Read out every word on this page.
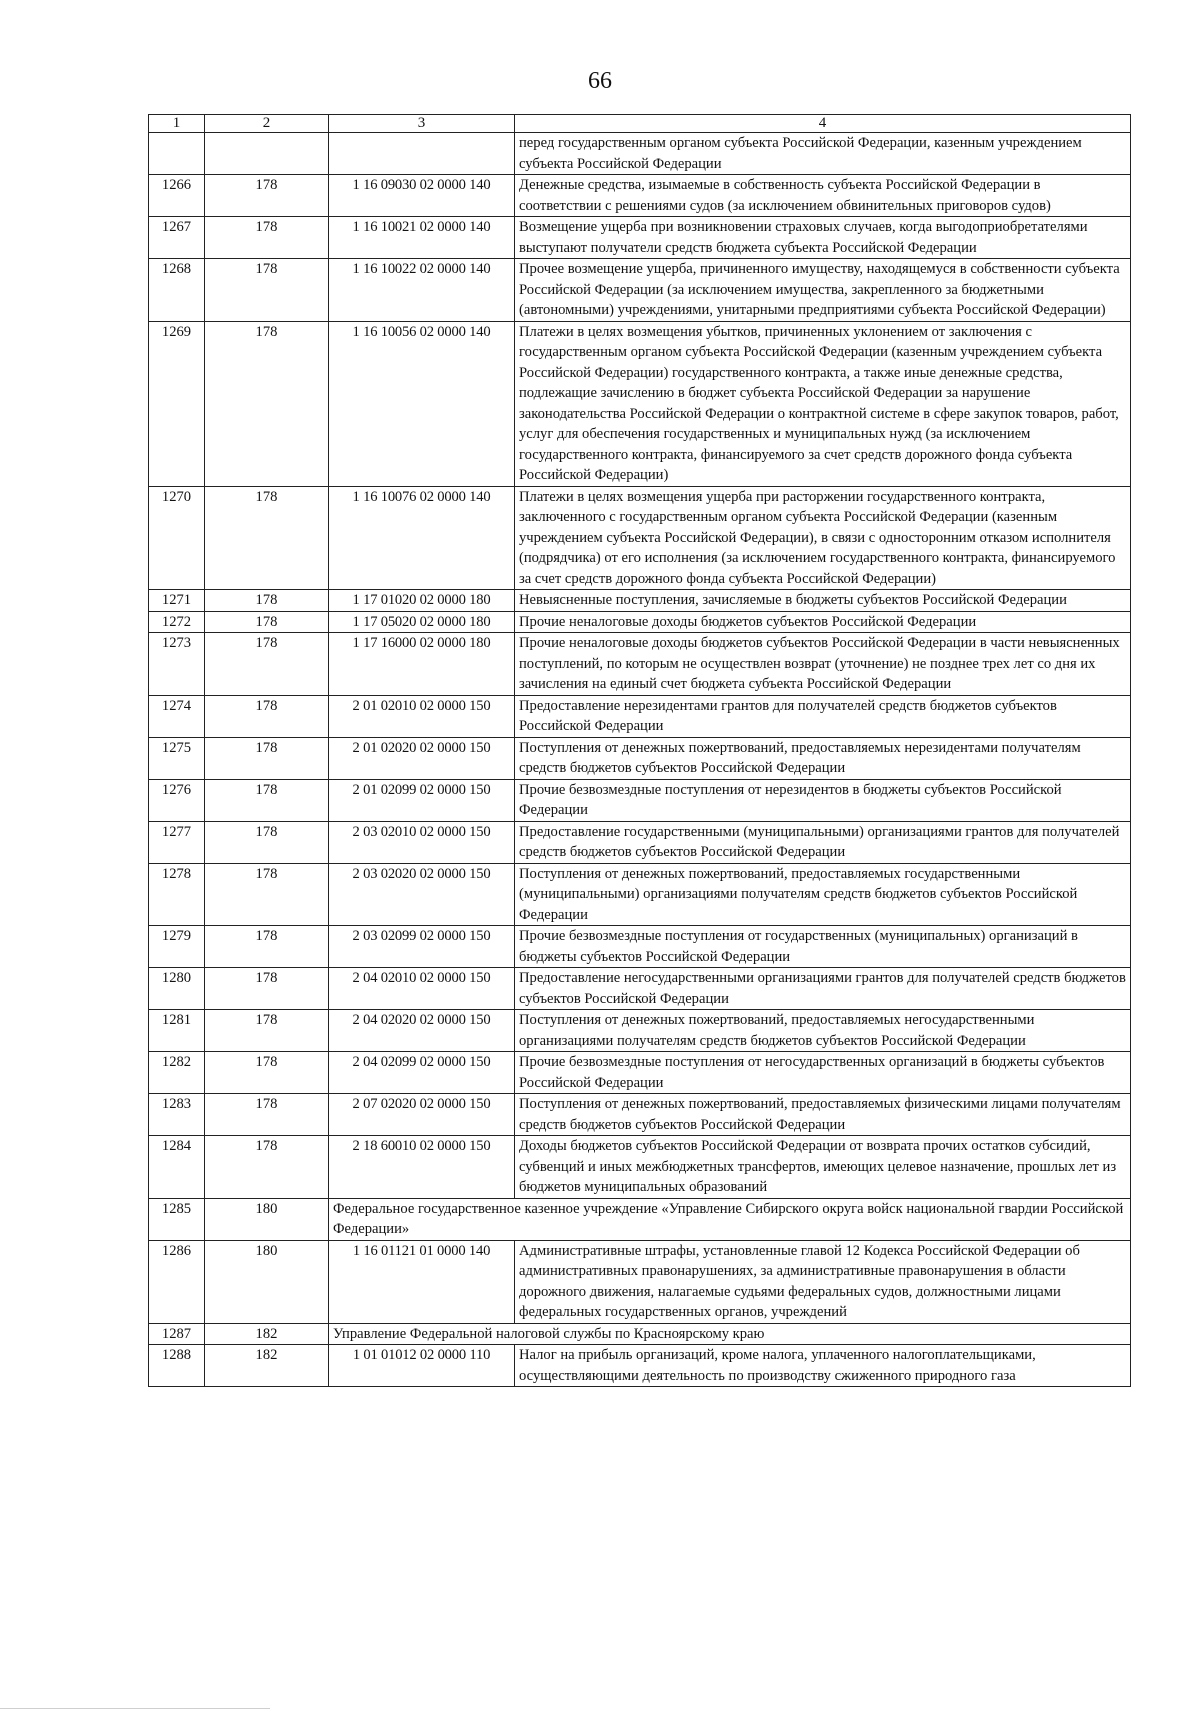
66
1	2	3	4
			перед государственным органом субъекта Российской Федерации, казенным учреждением субъекта Российской Федерации
1266	178	1 16 09030 02 0000 140	Денежные средства, изымаемые в собственность субъекта Российской Федерации в соответствии с решениями судов (за исключением обвинительных приговоров судов)
1267	178	1 16 10021 02 0000 140	Возмещение ущерба при возникновении страховых случаев, когда выгодоприобретателями выступают получатели средств бюджета субъекта Российской Федерации
1268	178	1 16 10022 02 0000 140	Прочее возмещение ущерба, причиненного имуществу, находящемуся в собственности субъекта Российской Федерации (за исключением имущества, закрепленного за бюджетными (автономными) учреждениями, унитарными предприятиями субъекта Российской Федерации)
1269	178	1 16 10056 02 0000 140	Платежи в целях возмещения убытков, причиненных уклонением от заключения с государственным органом субъекта Российской Федерации (казенным учреждением субъекта Российской Федерации) государственного контракта, а также иные денежные средства, подлежащие зачислению в бюджет субъекта Российской Федерации за нарушение законодательства Российской Федерации о контрактной системе в сфере закупок товаров, работ, услуг для обеспечения государственных и муниципальных нужд (за исключением государственного контракта, финансируемого за счет средств дорожного фонда субъекта Российской Федерации)
1270	178	1 16 10076 02 0000 140	Платежи в целях возмещения ущерба при расторжении государственного контракта, заключенного с государственным органом субъекта Российской Федерации (казенным учреждением субъекта Российской Федерации), в связи с односторонним отказом исполнителя (подрядчика) от его исполнения (за исключением государственного контракта, финансируемого за счет средств дорожного фонда субъекта Российской Федерации)
1271	178	1 17 01020 02 0000 180	Невыясненные поступления, зачисляемые в бюджеты субъектов Российской Федерации
1272	178	1 17 05020 02 0000 180	Прочие неналоговые доходы бюджетов субъектов Российской Федерации
1273	178	1 17 16000 02 0000 180	Прочие неналоговые доходы бюджетов субъектов Российской Федерации в части невыясненных поступлений, по которым не осуществлен возврат (уточнение) не позднее трех лет со дня их зачисления на единый счет бюджета субъекта Российской Федерации
1274	178	2 01 02010 02 0000 150	Предоставление нерезидентами грантов для получателей средств бюджетов субъектов Российской Федерации
1275	178	2 01 02020 02 0000 150	Поступления от денежных пожертвований, предоставляемых нерезидентами получателям средств бюджетов субъектов Российской Федерации
1276	178	2 01 02099 02 0000 150	Прочие безвозмездные поступления от нерезидентов в бюджеты субъектов Российской Федерации
1277	178	2 03 02010 02 0000 150	Предоставление государственными (муниципальными) организациями грантов для получателей средств бюджетов субъектов Российской Федерации
1278	178	2 03 02020 02 0000 150	Поступления от денежных пожертвований, предоставляемых государственными (муниципальными) организациями получателям средств бюджетов субъектов Российской Федерации
1279	178	2 03 02099 02 0000 150	Прочие безвозмездные поступления от государственных (муниципальных) организаций в бюджеты субъектов Российской Федерации
1280	178	2 04 02010 02 0000 150	Предоставление негосударственными организациями грантов для получателей средств бюджетов субъектов Российской Федерации
1281	178	2 04 02020 02 0000 150	Поступления от денежных пожертвований, предоставляемых негосударственными организациями получателям средств бюджетов субъектов Российской Федерации
1282	178	2 04 02099 02 0000 150	Прочие безвозмездные поступления от негосударственных организаций в бюджеты субъектов Российской Федерации
1283	178	2 07 02020 02 0000 150	Поступления от денежных пожертвований, предоставляемых физическими лицами получателям средств бюджетов субъектов Российской Федерации
1284	178	2 18 60010 02 0000 150	Доходы бюджетов субъектов Российской Федерации от возврата прочих остатков субсидий, субвенций и иных межбюджетных трансфертов, имеющих целевое назначение, прошлых лет из бюджетов муниципальных образований
1285	180	Федеральное государственное казенное учреждение «Управление Сибирского округа войск национальной гвардии Российской Федерации»	
1286	180	1 16 01121 01 0000 140	Административные штрафы, установленные главой 12 Кодекса Российской Федерации об административных правонарушениях, за административные правонарушения в области дорожного движения, налагаемые судьями федеральных судов, должностными лицами федеральных государственных органов, учреждений
1287	182	Управление Федеральной налоговой службы по Красноярскому краю	
1288	182	1 01 01012 02 0000 110	Налог на прибыль организаций, кроме налога, уплаченного налогоплательщиками, осуществляющими деятельность по производству сжиженного природного газа
